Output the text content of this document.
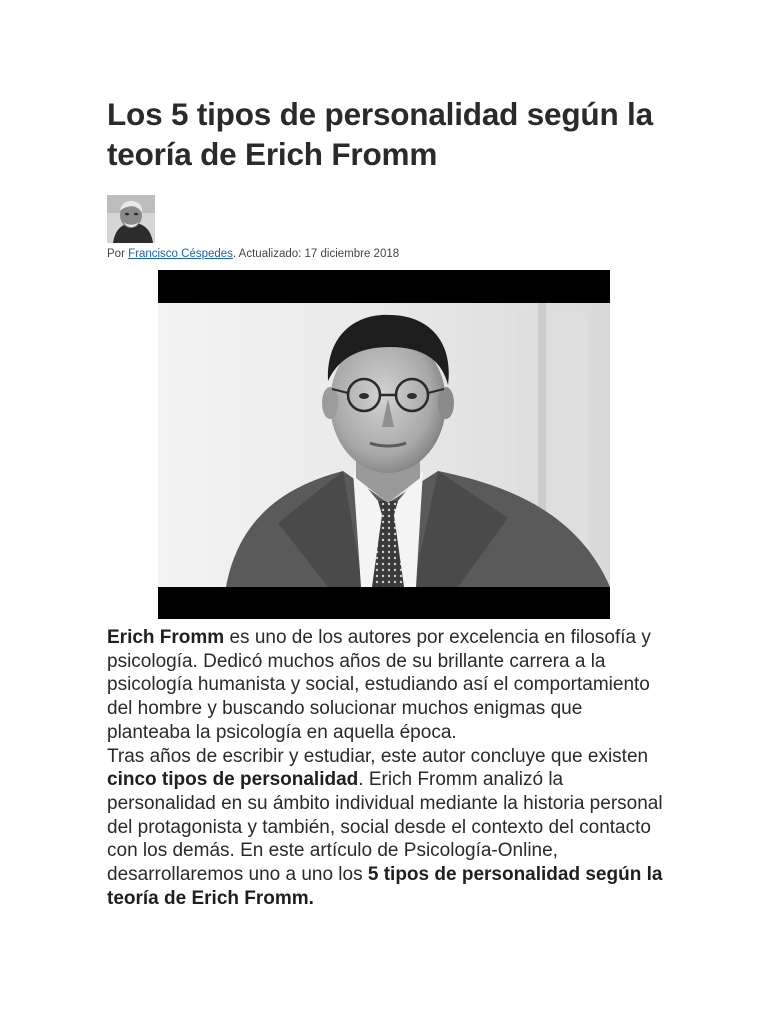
Los 5 tipos de personalidad según la teoría de Erich Fromm
Por Francisco Céspedes. Actualizado: 17 diciembre 2018

Erich Fromm es uno de los autores por excelencia en filosofía y psicología. Dedicó muchos años de su brillante carrera a la psicología humanista y social, estudiando así el comportamiento del hombre y buscando solucionar muchos enigmas que planteaba la psicología en aquella época.

Tras años de escribir y estudiar, este autor concluye que existen cinco tipos de personalidad. Erich Fromm analizó la personalidad en su ámbito individual mediante la historia personal del protagonista y también, social desde el contexto del contacto con los demás. En este artículo de Psicología-Online, desarrollaremos uno a uno los 5 tipos de personalidad según la teoría de Erich Fromm.
